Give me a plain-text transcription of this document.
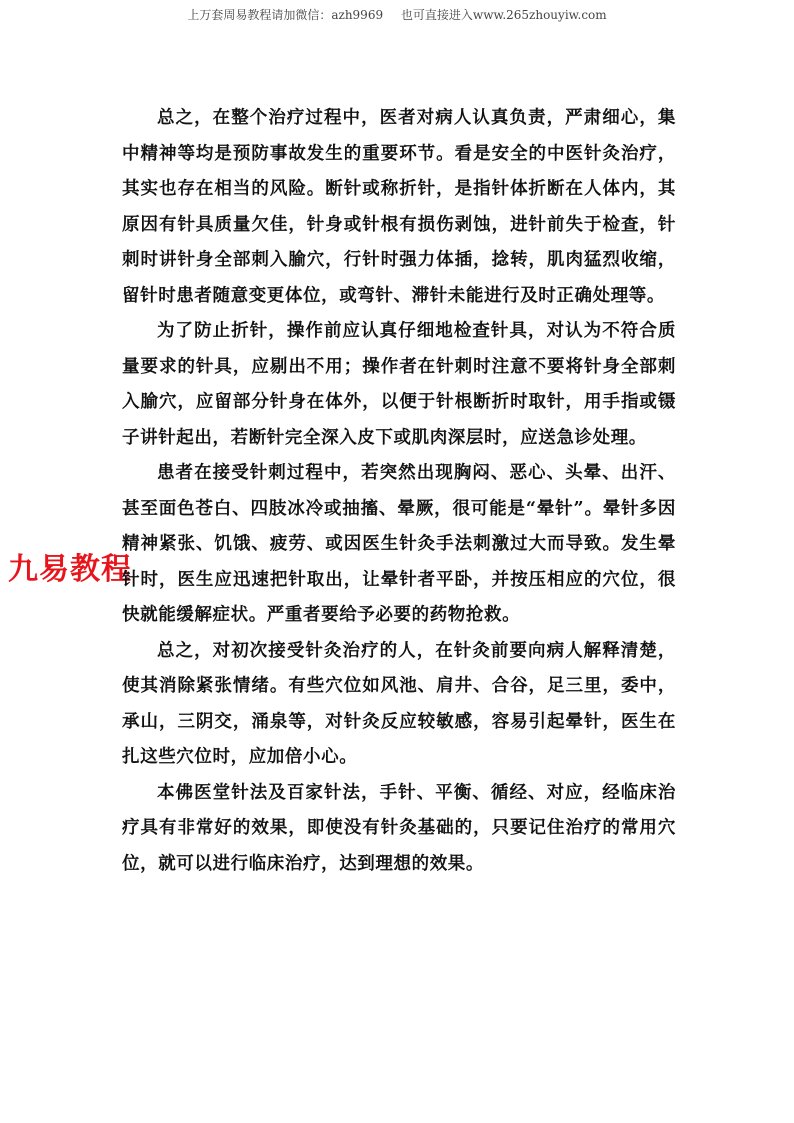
上万套周易教程请加微信：azh9969 也可直接进入www.265zhouyiw.com
九易教程

总之，在整个治疗过程中，医者对病人认真负责，严肃细心，集中精神等均是预防事故发生的重要环节。看是安全的中医针灸治疗，其实也存在相当的风险。断针或称折针，是指针体折断在人体内，其原因有针具质量欠佳，针身或针根有损伤剥蚀，进针前失于检查，针刺时讲针身全部刺入腧穴，行针时强力体插，捻转，肌肉猛烈收缩，留针时患者随意变更体位，或弯针、滞针未能进行及时正确处理等。

为了防止折针，操作前应认真仔细地检查针具，对认为不符合质量要求的针具，应剔出不用；操作者在针刺时注意不要将针身全部刺入腧穴，应留部分针身在体外，以便于针根断折时取针，用手指或镊子讲针起出，若断针完全深入皮下或肌肉深层时，应送急诊处理。

患者在接受针刺过程中，若突然出现胸闷、恶心、头晕、出汗、甚至面色苍白、四肢冰冷或抽搐、晕厥，很可能是“晕针”。晕针多因精神紧张、饥饿、疲劳、或因医生针灸手法刺激过大而导致。发生晕针时，医生应迅速把针取出，让晕针者平卧，并按压相应的穴位，很快就能缓解症状。严重者要给予必要的药物抢救。

总之，对初次接受针灸治疗的人，在针灸前要向病人解释清楚，使其消除紧张情绪。有些穴位如风池、肩井、合谷，足三里，委中，承山，三阴交，涌泉等，对针灸反应较敏感，容易引起晕针，医生在扎这些穴位时，应加倍小心。

本佛医堂针法及百家针法，手针、平衡、循经、对应，经临床治疗具有非常好的效果，即使没有针灸基础的，只要记住治疗的常用穴位，就可以进行临床治疗，达到理想的效果。
